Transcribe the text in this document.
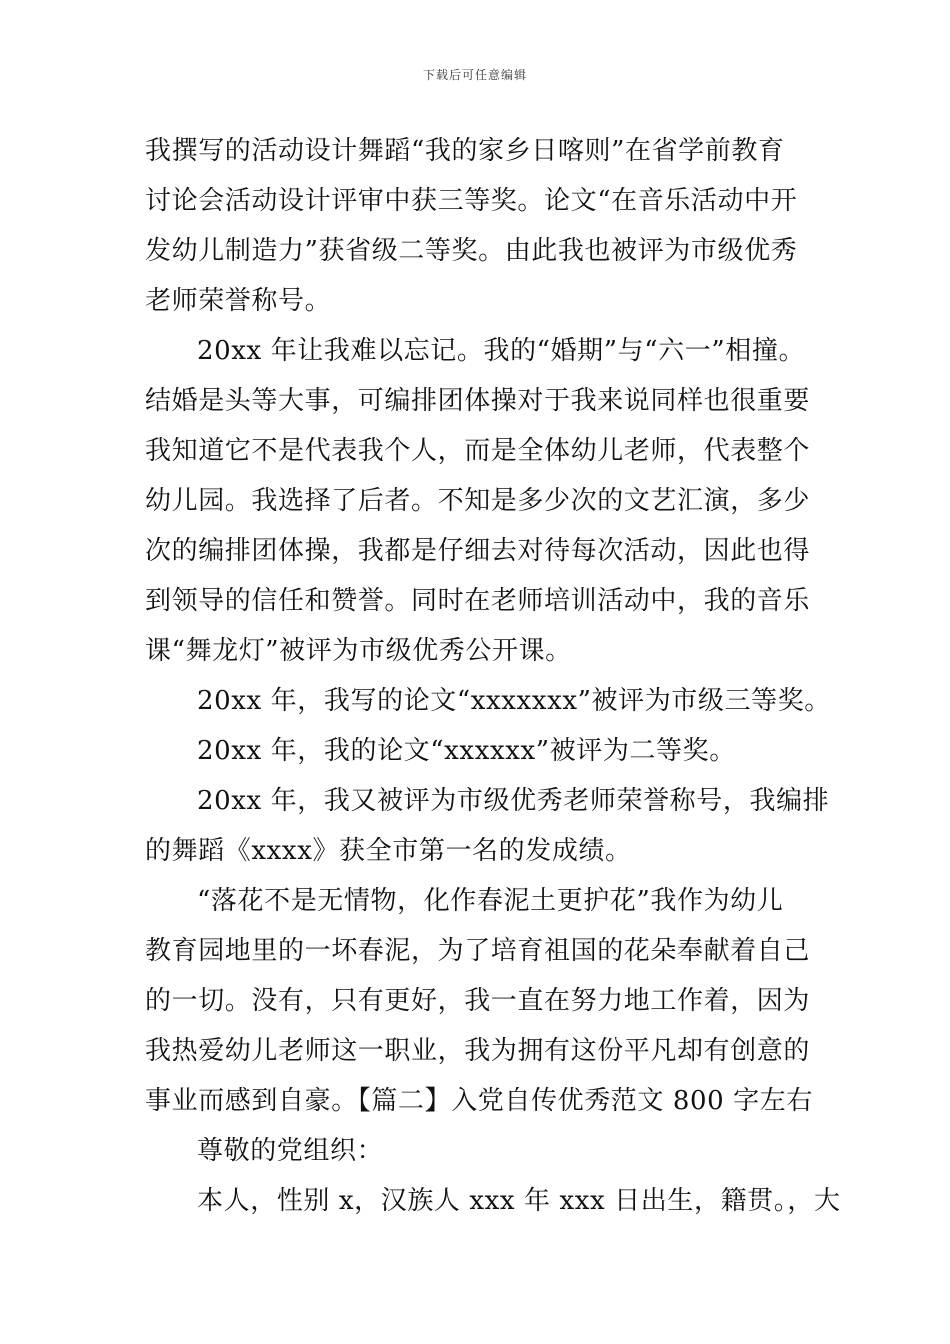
下载后可任意编辑
我撰写的活动设计舞蹈“我的家乡日喀则”在省学前教育
讨论会活动设计评审中获三等奖。论文“在音乐活动中开
发幼儿制造力”获省级二等奖。由此我也被评为市级优秀
老师荣誉称号。
20xx 年让我难以忘记。我的“婚期”与“六一”相撞。
结婚是头等大事，可编排团体操对于我来说同样也很重要
我知道它不是代表我个人，而是全体幼儿老师，代表整个
幼儿园。我选择了后者。不知是多少次的文艺汇演，多少
次的编排团体操，我都是仔细去对待每次活动，因此也得
到领导的信任和赞誉。同时在老师培训活动中，我的音乐
课“舞龙灯”被评为市级优秀公开课。
20xx 年，我写的论文“xxxxxxx”被评为市级三等奖。
20xx 年，我的论文“xxxxxx”被评为二等奖。
20xx 年，我又被评为市级优秀老师荣誉称号，我编排
的舞蹈《xxxx》获全市第一名的发成绩。
“落花不是无情物，化作春泥土更护花”我作为幼儿
教育园地里的一坏春泥，为了培育祖国的花朵奉献着自己
的一切。没有，只有更好，我一直在努力地工作着，因为
我热爱幼儿老师这一职业，我为拥有这份平凡却有创意的
事业而感到自豪。【篇二】入党自传优秀范文 800 字左右
尊敬的党组织：
本人，性别 x，汉族人 xxx 年 xxx 日出生，籍贯。，大
